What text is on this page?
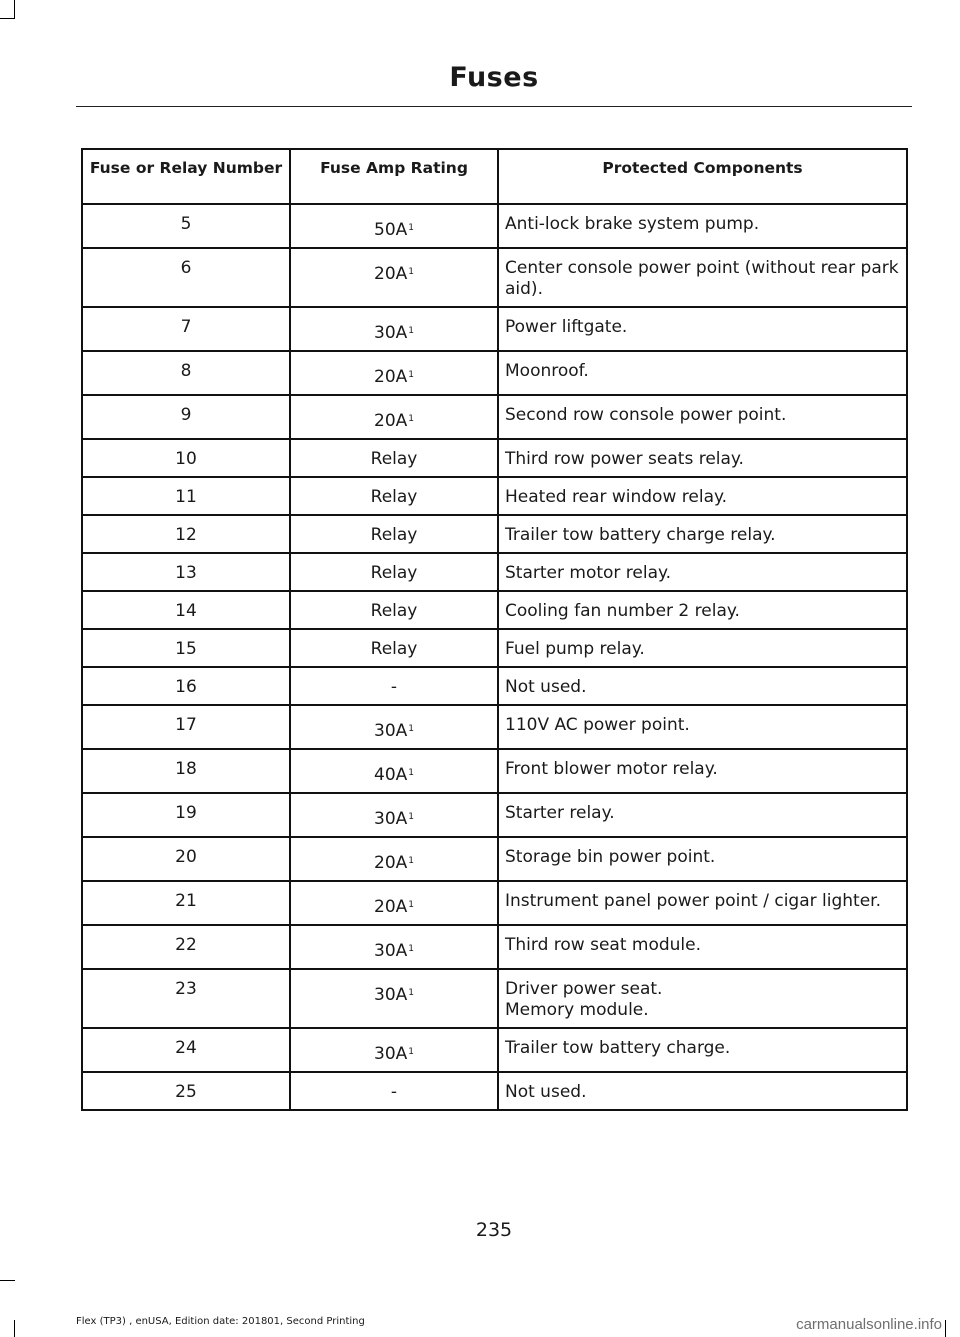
Fuses
Fuse or Relay Number	Fuse Amp Rating	Protected Components
5	$50A^1$	Anti-lock brake system pump.

6	$20A^1$	Center console power point (without rear park aid).

7	$30A^1$	Power liftgate.

8	$20A^1$	Moonroof.

9	$20A^1$	Second row console power point.

10	Relay	Third row power seats relay.

11	Relay	Heated rear window relay.

12	Relay	Trailer tow battery charge relay.

13	Relay	Starter motor relay.

14	Relay	Cooling fan number 2 relay.

15	Relay	Fuel pump relay.

16	-	Not used.

17	$30A^1$	110V AC power point.

18	$40A^1$	Front blower motor relay.

19	$30A^1$	Starter relay.

20	$20A^1$	Storage bin power point.

21	$20A^1$	Instrument panel power point / cigar lighter.

22	$30A^1$	Third row seat module.

23	$30A^1$	Driver power seat.
Memory module.

24	$30A^1$	Trailer tow battery charge.

25	-	Not used.
235
Flex (TP3) , enUSA, Edition date: 201801, Second Printing	carmanualsonline.info
